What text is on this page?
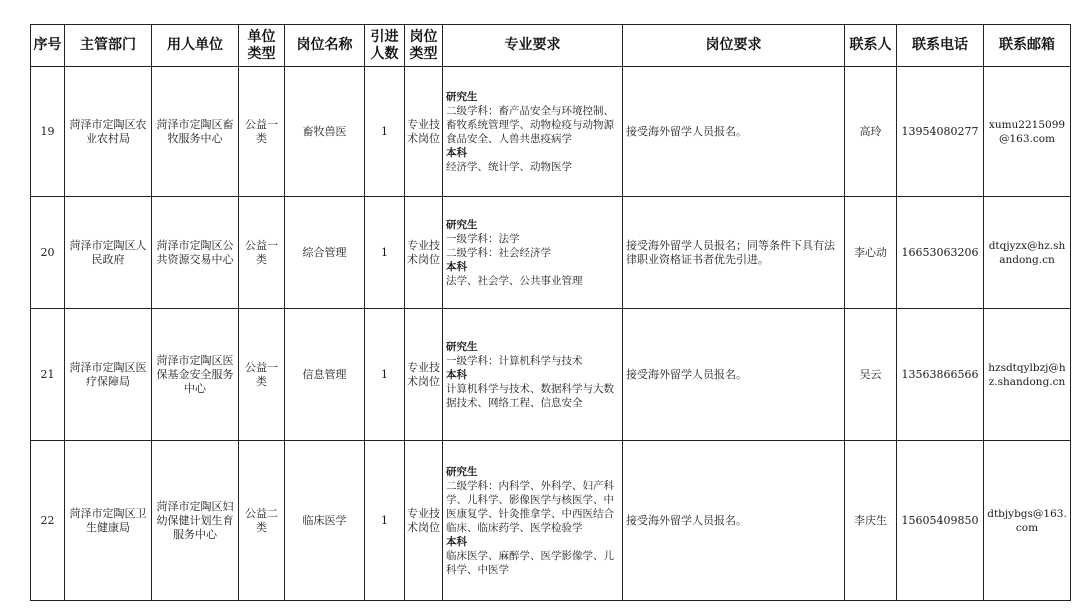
序号	主管部门	用人单位	单位类型	岗位名称	引进人数	岗位类型	专业要求	岗位要求	联系人	联系电话	联系邮箱
19	菏泽市定陶区农业农村局	菏泽市定陶区畜牧服务中心	公益一类	畜牧兽医	1	专业技术岗位	研究生
二级学科：畜产品安全与环境控制、畜牧系统管理学、动物检疫与动物源食品安全、人兽共患疫病学
本科
经济学、统计学、动物医学	接受海外留学人员报名。	高玲	13954080277	xumu2215099@163.com
20	菏泽市定陶区人民政府	菏泽市定陶区公共资源交易中心	公益一类	综合管理	1	专业技术岗位	研究生
一级学科：法学
二级学科：社会经济学
本科
法学、社会学、公共事业管理	接受海外留学人员报名；同等条件下具有法律职业资格证书者优先引进。	李心动	16653063206	dtqjyzx@hz.shandong.cn
21	菏泽市定陶区医疗保障局	菏泽市定陶区医保基金安全服务中心	公益一类	信息管理	1	专业技术岗位	研究生
一级学科：计算机科学与技术
本科
计算机科学与技术、数据科学与大数据技术、网络工程、信息安全	接受海外留学人员报名。	吴云	13563866566	hzsdtqylbzj@hz.shandong.cn
22	菏泽市定陶区卫生健康局	菏泽市定陶区妇幼保健计划生育服务中心	公益二类	临床医学	1	专业技术岗位	研究生
二级学科：内科学、外科学、妇产科学、儿科学、影像医学与核医学、中医康复学、针灸推拿学、中西医结合临床、临床药学、医学检验学
本科
临床医学、麻醉学、医学影像学、儿科学、中医学	接受海外留学人员报名。	李庆生	15605409850	dtbjybgs@163.com
